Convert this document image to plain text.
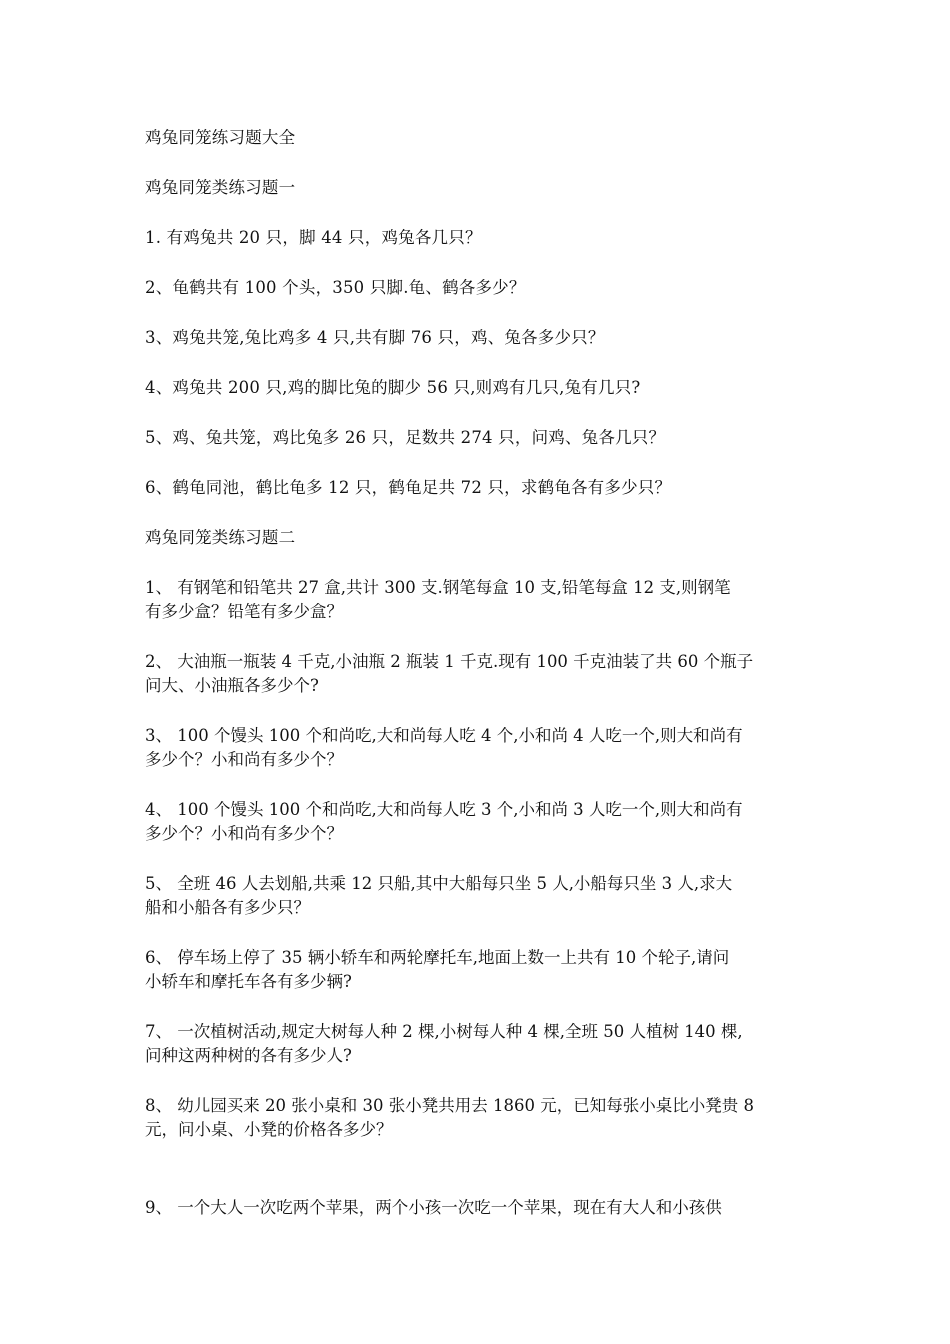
鸡兔同笼练习题大全
鸡兔同笼类练习题一
1. 有鸡兔共 20 只，脚 44 只，鸡兔各几只？
2、龟鹤共有 100 个头，350 只脚.龟、鹤各多少？
3、鸡兔共笼,兔比鸡多 4 只,共有脚 76 只，鸡、兔各多少只？
4、鸡兔共 200 只,鸡的脚比兔的脚少 56 只,则鸡有几只,兔有几只?
5、鸡、兔共笼，鸡比兔多 26 只，足数共 274 只，问鸡、兔各几只？
6、鹤龟同池，鹤比龟多 12 只，鹤龟足共 72 只，求鹤龟各有多少只？
鸡兔同笼类练习题二
1、 有钢笔和铅笔共 27 盒,共计 300 支.钢笔每盒 10 支,铅笔每盒 12 支,则钢笔
有多少盒？铅笔有多少盒？
2、 大油瓶一瓶装 4 千克,小油瓶 2 瓶装 1 千克.现有 100 千克油装了共 60 个瓶子
问大、小油瓶各多少个?
3、 100 个馒头 100 个和尚吃,大和尚每人吃 4 个,小和尚 4 人吃一个,则大和尚有
多少个？小和尚有多少个？
4、 100 个馒头 100 个和尚吃,大和尚每人吃 3 个,小和尚 3 人吃一个,则大和尚有
多少个？小和尚有多少个？
5、 全班 46 人去划船,共乘 12 只船,其中大船每只坐 5 人,小船每只坐 3 人,求大
船和小船各有多少只？
6、 停车场上停了 35 辆小轿车和两轮摩托车,地面上数一上共有 10 个轮子,请问
小轿车和摩托车各有多少辆?
7、 一次植树活动,规定大树每人种 2 棵,小树每人种 4 棵,全班 50 人植树 140 棵,
问种这两种树的各有多少人?
8、 幼儿园买来 20 张小桌和 30 张小凳共用去 1860 元，已知每张小桌比小凳贵 8
元，问小桌、小凳的价格各多少？
9、 一个大人一次吃两个苹果，两个小孩一次吃一个苹果，现在有大人和小孩供
